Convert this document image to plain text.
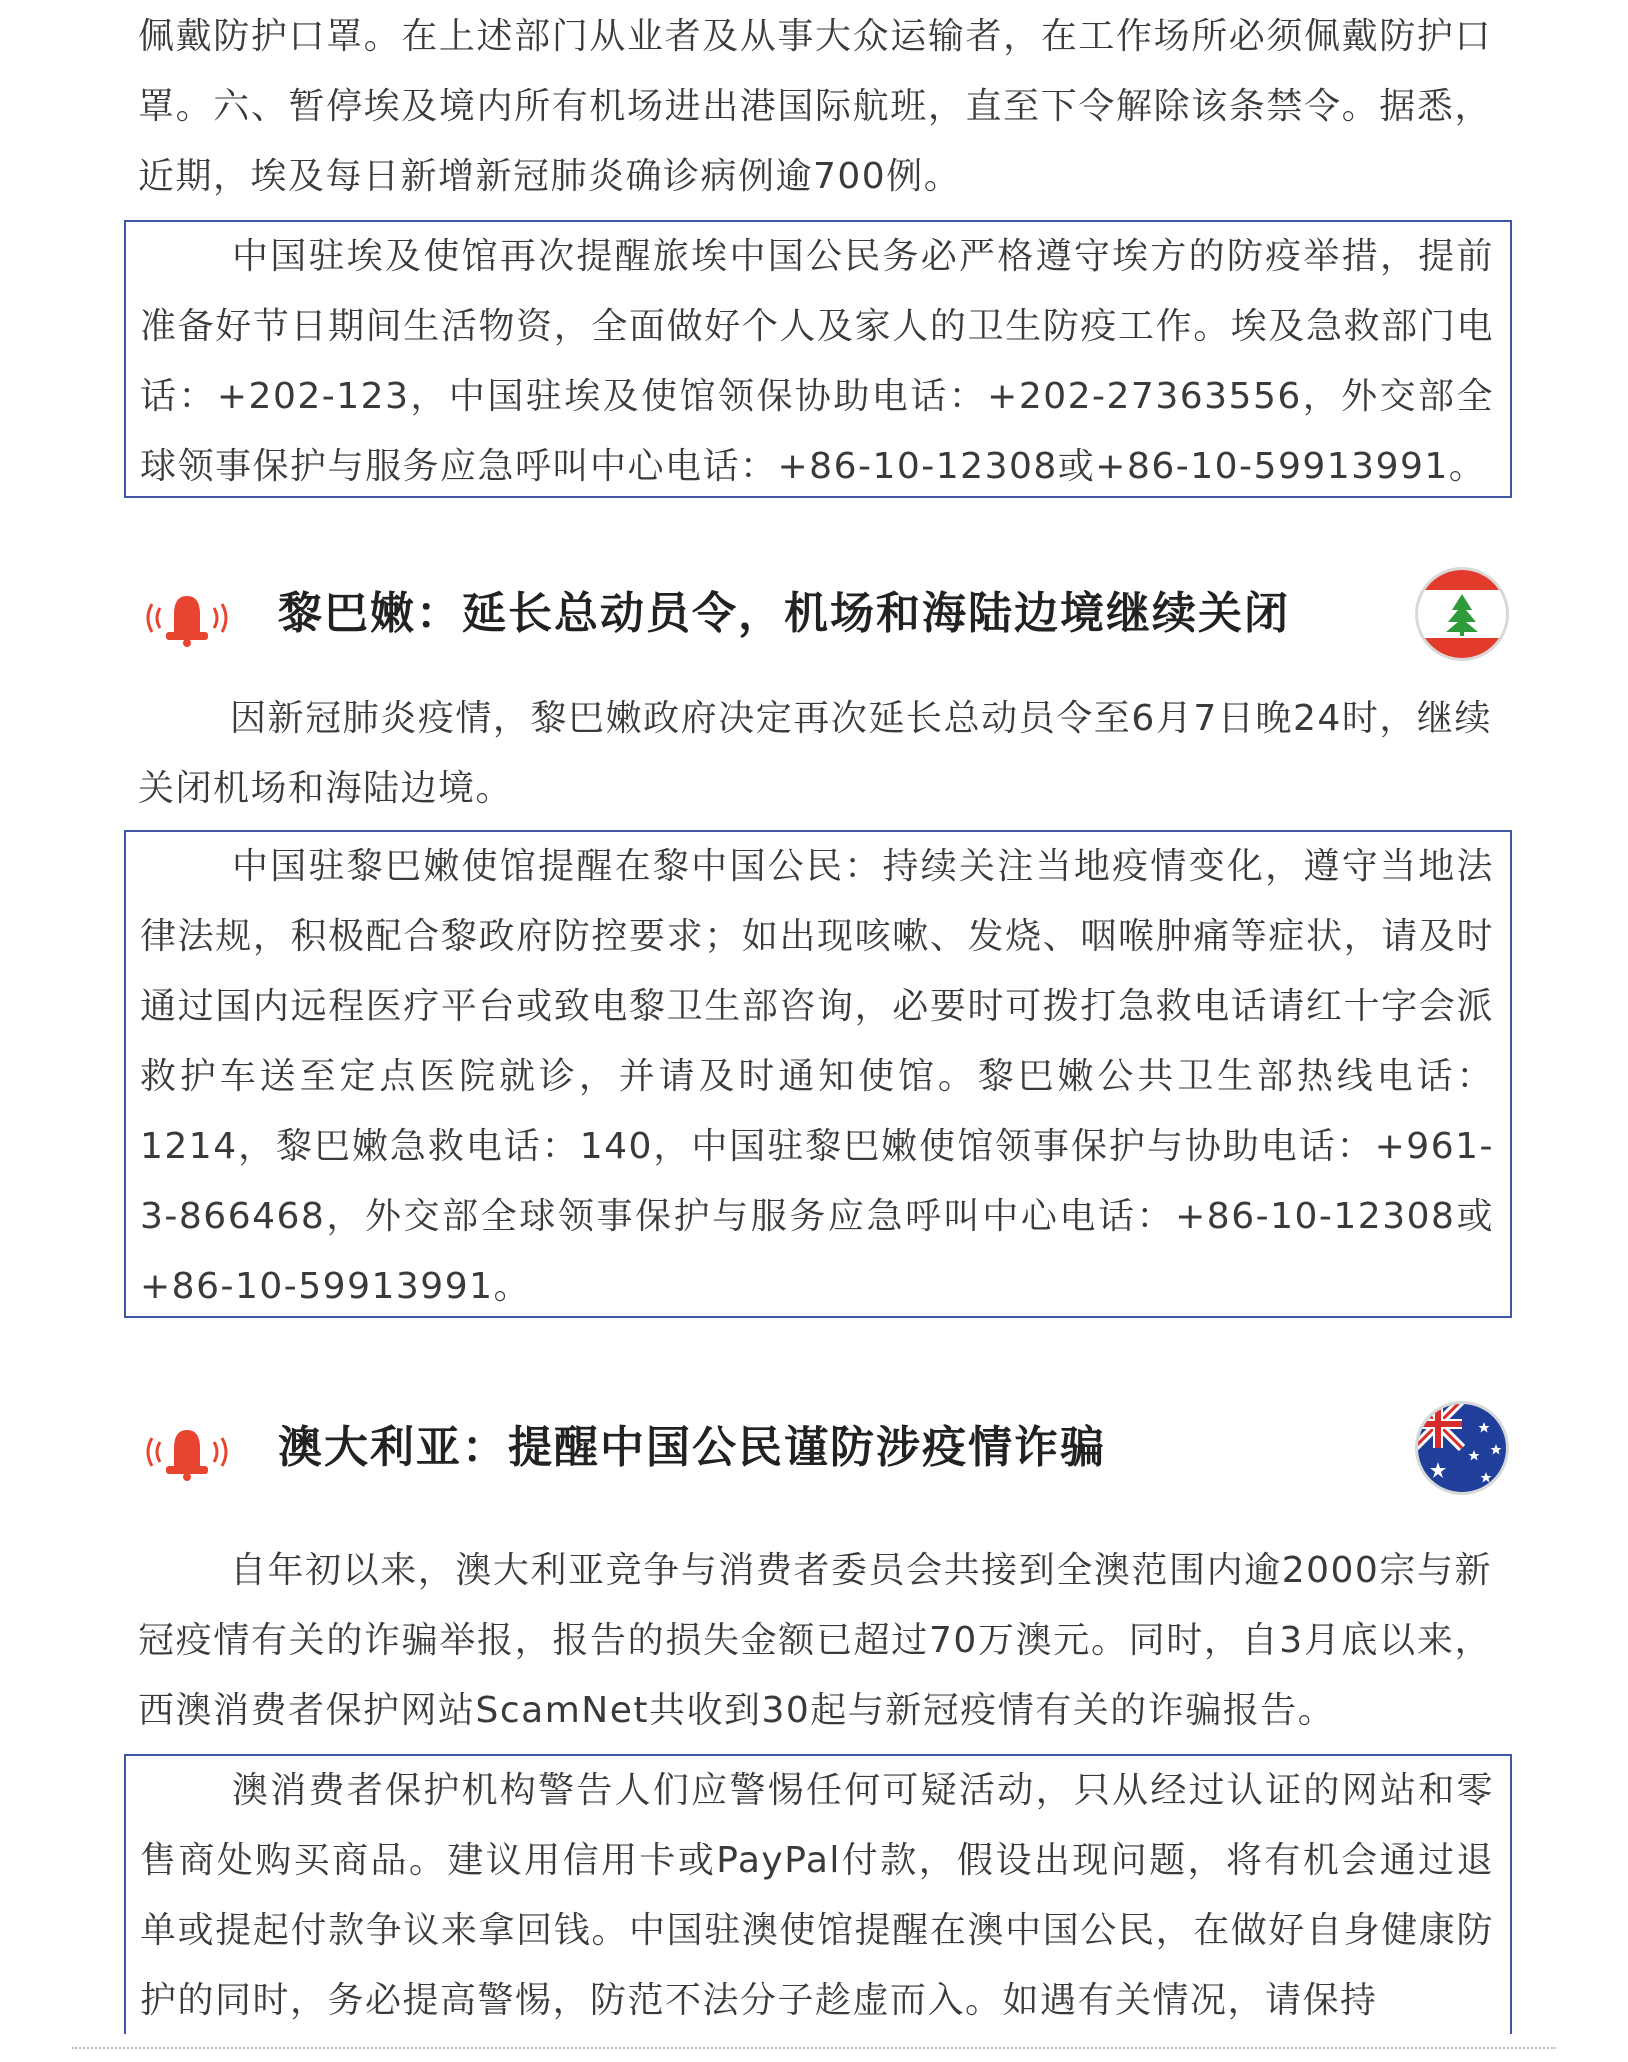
佩戴防护口罩。在上述部门从业者及从事大众运输者，在工作场所必须佩戴防护口罩。六、暂停埃及境内所有机场进出港国际航班，直至下令解除该条禁令。据悉，近期，埃及每日新增新冠肺炎确诊病例逾700例。

中国驻埃及使馆再次提醒旅埃中国公民务必严格遵守埃方的防疫举措，提前准备好节日期间生活物资，全面做好个人及家人的卫生防疫工作。埃及急救部门电话：+202-123，中国驻埃及使馆领保协助电话：+202-27363556，外交部全球领事保护与服务应急呼叫中心电话：+86-10-12308或+86-10-59913991。

黎巴嫩：延长总动员令，机场和海陆边境继续关闭

因新冠肺炎疫情，黎巴嫩政府决定再次延长总动员令至6月7日晚24时，继续关闭机场和海陆边境。

中国驻黎巴嫩使馆提醒在黎中国公民：持续关注当地疫情变化，遵守当地法律法规，积极配合黎政府防控要求；如出现咳嗽、发烧、咽喉肿痛等症状，请及时通过国内远程医疗平台或致电黎卫生部咨询，必要时可拨打急救电话请红十字会派救护车送至定点医院就诊，并请及时通知使馆。黎巴嫩公共卫生部热线电话：1214，黎巴嫩急救电话：140，中国驻黎巴嫩使馆领事保护与协助电话：+961-3-866468，外交部全球领事保护与服务应急呼叫中心电话：+86-10-12308或+86-10-59913991。

澳大利亚：提醒中国公民谨防涉疫情诈骗

自年初以来，澳大利亚竞争与消费者委员会共接到全澳范围内逾2000宗与新冠疫情有关的诈骗举报，报告的损失金额已超过70万澳元。同时，自3月底以来，西澳消费者保护网站ScamNet共收到30起与新冠疫情有关的诈骗报告。

澳消费者保护机构警告人们应警惕任何可疑活动，只从经过认证的网站和零售商处购买商品。建议用信用卡或PayPal付款，假设出现问题，将有机会通过退单或提起付款争议来拿回钱。中国驻澳使馆提醒在澳中国公民，在做好自身健康防护的同时，务必提高警惕，防范不法分子趁虚而入。如遇有关情况，请保持
